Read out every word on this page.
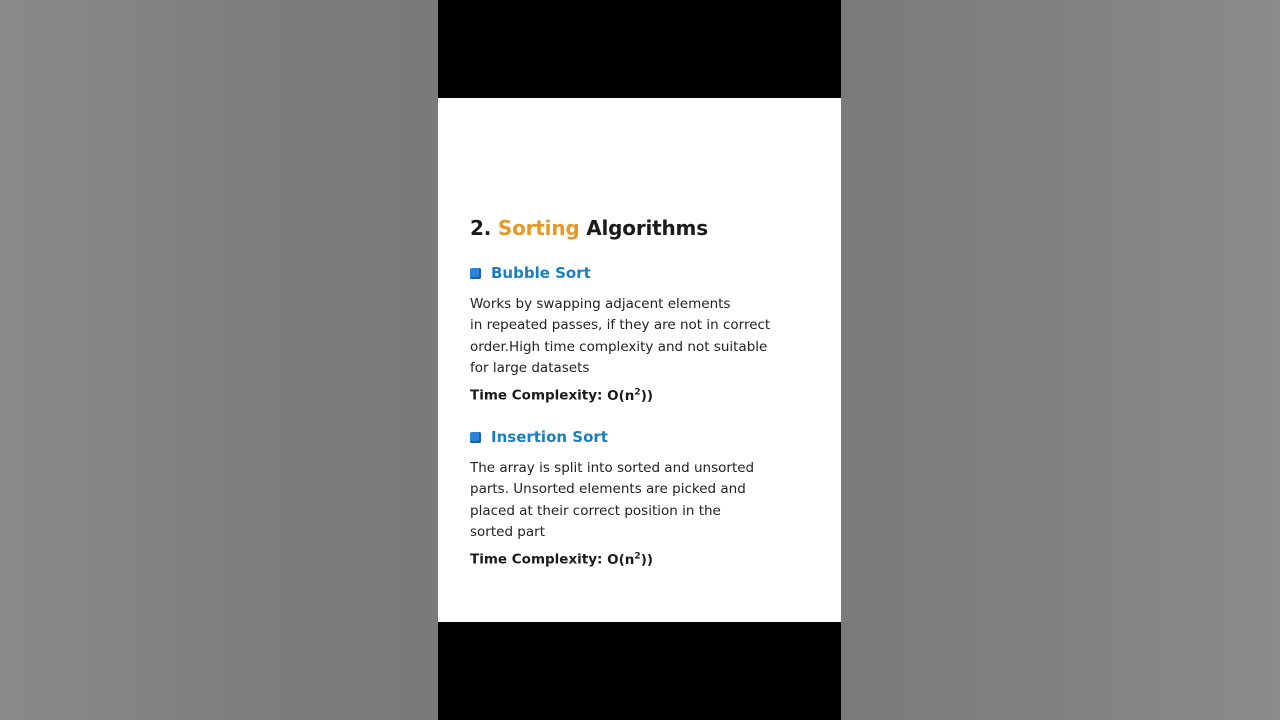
2. Sorting Algorithms
Bubble Sort

Works by swapping adjacent elements
in repeated passes, if they are not in correct
order.High time complexity and not suitable
for large datasets

Time Complexity: $O(n^2)$)

Insertion Sort

The array is split into sorted and unsorted
parts. Unsorted elements are picked and
placed at their correct position in the
sorted part

Time Complexity: $O(n^2)$)
